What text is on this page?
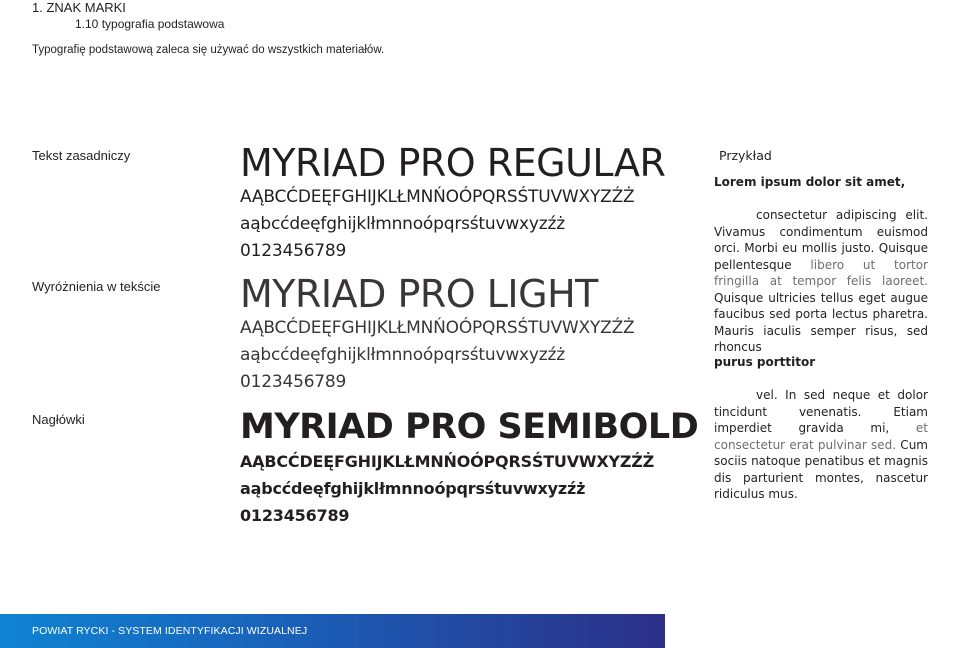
1. ZNAK MARKI
1.10 typografia podstawowa
Typografię podstawową zaleca się używać do wszystkich materiałów.
Tekst zasadniczy
Wyróżnienia w tekście
Nagłówki
MYRIAD PRO REGULAR
AĄBCĆDEĘFGHIJKLŁMNŃOÓPQRSŚTUVWXYZŹŻ
aąbcćdeęfghijklłmnnoópqrsśtuvwxyzźż
0123456789
MYRIAD PRO LIGHT
AĄBCĆDEĘFGHIJKLŁMNŃOÓPQRSŚTUVWXYZŹŻ
aąbcćdeęfghijklłmnnoópqrsśtuvwxyzźż
0123456789
MYRIAD PRO SEMIBOLD
AĄBCĆDEĘFGHIJKLŁMNŃOÓPQRSŚTUVWXYZŹŻ
aąbcćdeęfghijklłmnnoópqrsśtuvwxyzźż
0123456789
Przykład
Lorem ipsum dolor sit amet,
consectetur adipiscing elit. Vivamus condimentum euismod orci. Morbi eu mollis justo. Quisque pellentesque libero ut tortor fringilla at tempor felis laoreet. Quisque ultricies tellus eget augue faucibus sed porta lectus pharetra. Mauris iaculis semper risus, sed rhoncus
purus porttitor
vel. In sed neque et dolor tincidunt venenatis. Etiam imperdiet gravida mi, et consectetur erat pulvinar sed. Cum sociis natoque penatibus et magnis dis parturient montes, nascetur ridiculus mus.
POWIAT RYCKI - SYSTEM IDENTYFIKACJI WIZUALNEJ
